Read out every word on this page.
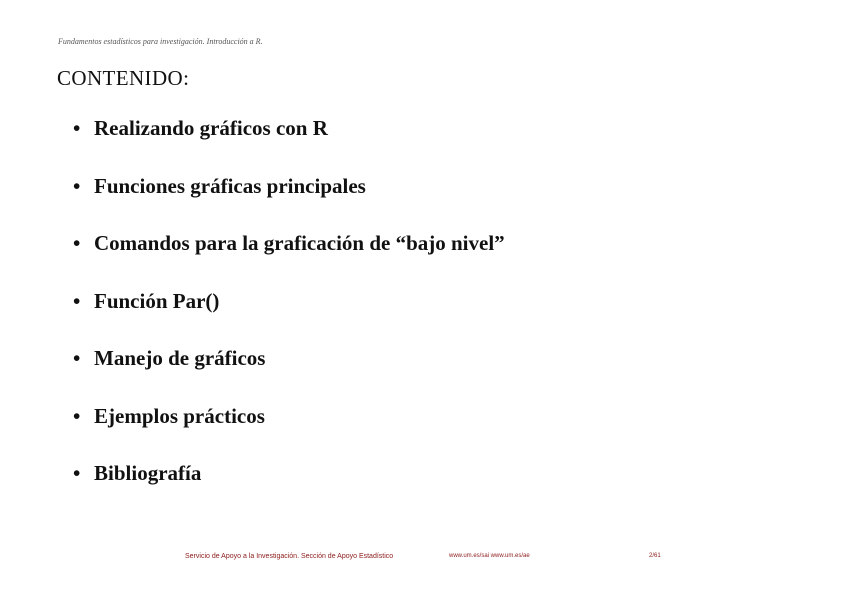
Fundamentos estadísticos para investigación. Introducción a R.
CONTENIDO:
• Realizando gráficos con R
• Funciones gráficas principales
• Comandos para la graficación de “bajo nivel”
• Función Par()
• Manejo de gráficos
• Ejemplos prácticos
• Bibliografía
Servicio de Apoyo a la Investigación. Sección de Apoyo Estadístico	www.um.es/sai www.um.es/ae	2/61
